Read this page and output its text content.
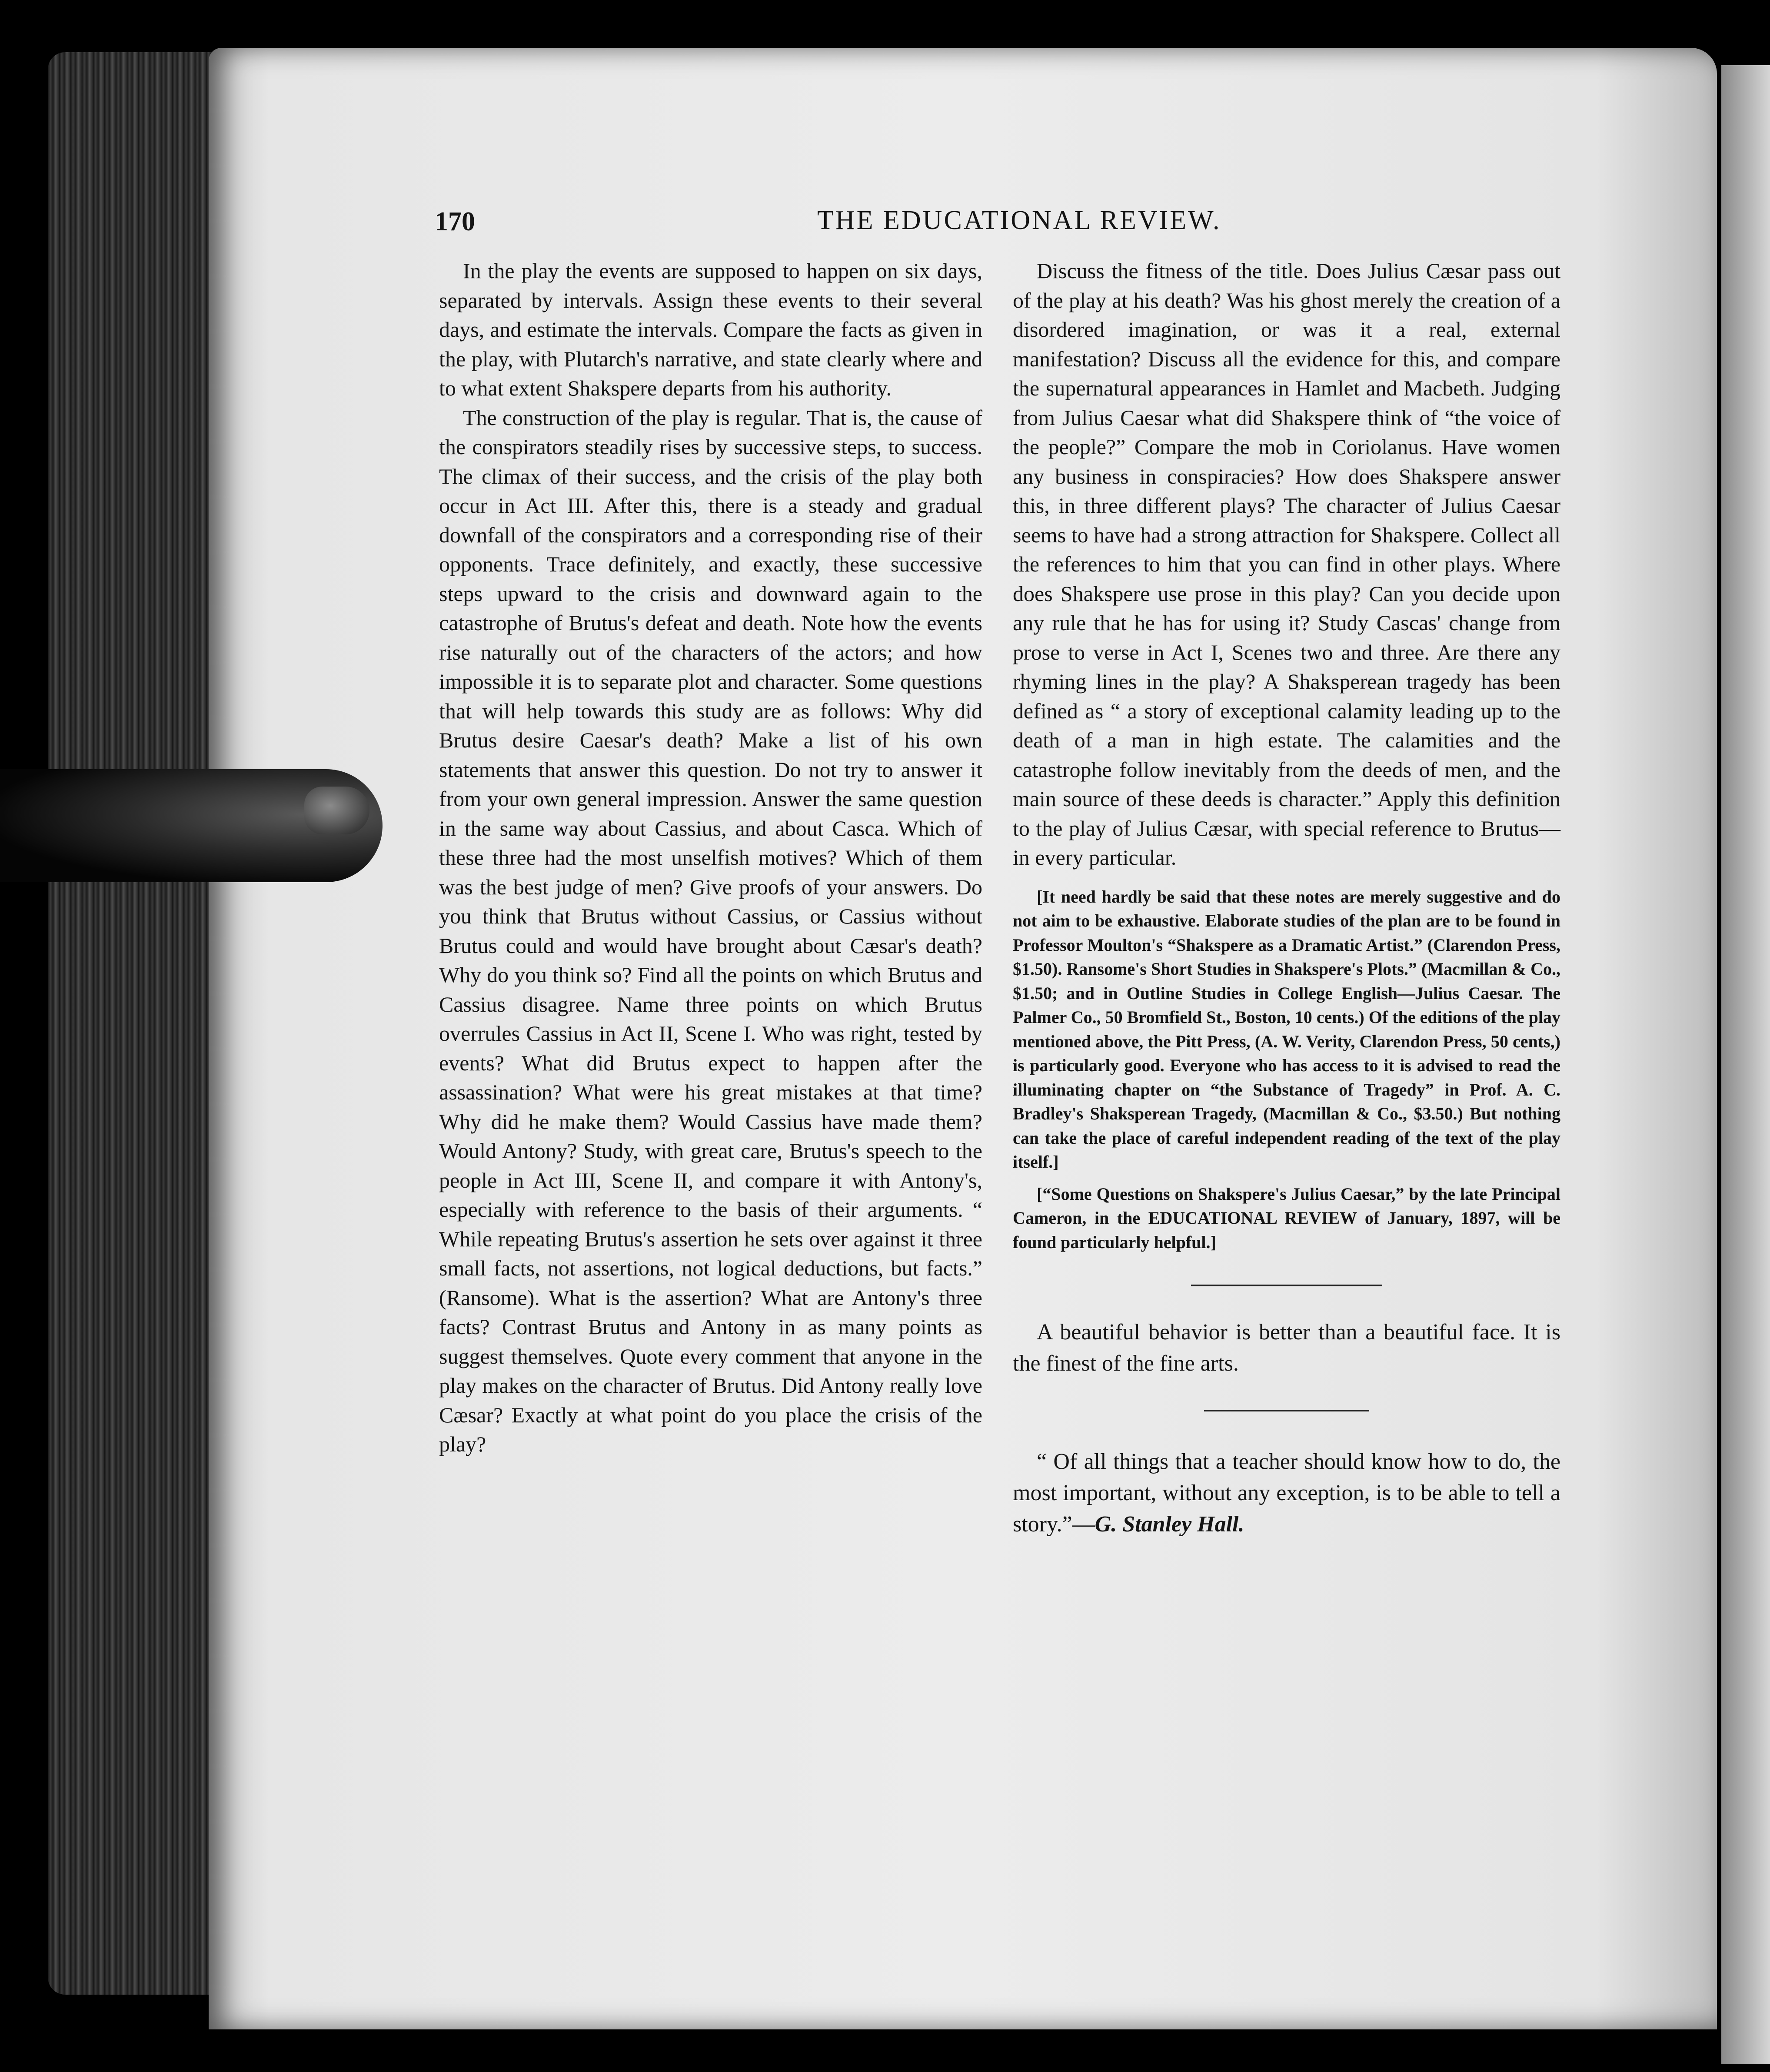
170	THE EDUCATIONAL REVIEW.

In the play the events are supposed to happen on six days, separated by intervals. Assign these events to their several days, and estimate the intervals. Compare the facts as given in the play, with Plutarch's narrative, and state clearly where and to what extent Shakspere departs from his authority.

The construction of the play is regular. That is, the cause of the conspirators steadily rises by successive steps, to success. The climax of their success, and the crisis of the play both occur in Act III. After this, there is a steady and gradual downfall of the conspirators and a corresponding rise of their opponents. Trace definitely, and exactly, these successive steps upward to the crisis and downward again to the catastrophe of Brutus's defeat and death. Note how the events rise naturally out of the characters of the actors; and how impossible it is to separate plot and character. Some questions that will help towards this study are as follows: Why did Brutus desire Caesar's death? Make a list of his own statements that answer this question. Do not try to answer it from your own general impression. Answer the same question in the same way about Cassius, and about Casca. Which of these three had the most unselfish motives? Which of them was the best judge of men? Give proofs of your answers. Do you think that Brutus without Cassius, or Cassius without Brutus could and would have brought about Cæsar's death? Why do you think so? Find all the points on which Brutus and Cassius disagree. Name three points on which Brutus overrules Cassius in Act II, Scene I. Who was right, tested by events? What did Brutus expect to happen after the assassination? What were his great mistakes at that time? Why did he make them? Would Cassius have made them? Would Antony? Study, with great care, Brutus's speech to the people in Act III, Scene II, and compare it with Antony's, especially with reference to the basis of their arguments. “ While repeating Brutus's assertion he sets over against it three small facts, not assertions, not logical deductions, but facts.” (Ransome). What is the assertion? What are Antony's three facts? Contrast Brutus and Antony in as many points as suggest themselves. Quote every comment that anyone in the play makes on the character of Brutus. Did Antony really love Cæsar? Exactly at what point do you place the crisis of the play?

Discuss the fitness of the title. Does Julius Cæsar pass out of the play at his death? Was his ghost merely the creation of a disordered imagination, or was it a real, external manifestation? Discuss all the evidence for this, and compare the supernatural appearances in Hamlet and Macbeth. Judging from Julius Caesar what did Shakspere think of “the voice of the people?” Compare the mob in Coriolanus. Have women any business in conspiracies? How does Shakspere answer this, in three different plays? The character of Julius Caesar seems to have had a strong attraction for Shakspere. Collect all the references to him that you can find in other plays. Where does Shakspere use prose in this play? Can you decide upon any rule that he has for using it? Study Cascas' change from prose to verse in Act I, Scenes two and three. Are there any rhyming lines in the play? A Shaksperean tragedy has been defined as “ a story of exceptional calamity leading up to the death of a man in high estate. The calamities and the catastrophe follow inevitably from the deeds of men, and the main source of these deeds is character.” Apply this definition to the play of Julius Cæsar, with special reference to Brutus—in every particular.

[It need hardly be said that these notes are merely suggestive and do not aim to be exhaustive. Elaborate studies of the plan are to be found in Professor Moulton's “Shakspere as a Dramatic Artist.” (Clarendon Press, $1.50). Ransome's Short Studies in Shakspere's Plots.” (Macmillan & Co., $1.50; and in Outline Studies in College English—Julius Caesar. The Palmer Co., 50 Bromfield St., Boston, 10 cents.) Of the editions of the play mentioned above, the Pitt Press, (A. W. Verity, Clarendon Press, 50 cents,) is particularly good. Everyone who has access to it is advised to read the illuminating chapter on “the Substance of Tragedy” in Prof. A. C. Bradley's Shaksperean Tragedy, (Macmillan & Co., $3.50.) But nothing can take the place of careful independent reading of the text of the play itself.]

[“Some Questions on Shakspere's Julius Caesar,” by the late Principal Cameron, in the EDUCATIONAL REVIEW of January, 1897, will be found particularly helpful.]

A beautiful behavior is better than a beautiful face. It is the finest of the fine arts.

“ Of all things that a teacher should know how to do, the most important, without any exception, is to be able to tell a story.”—G. Stanley Hall.
